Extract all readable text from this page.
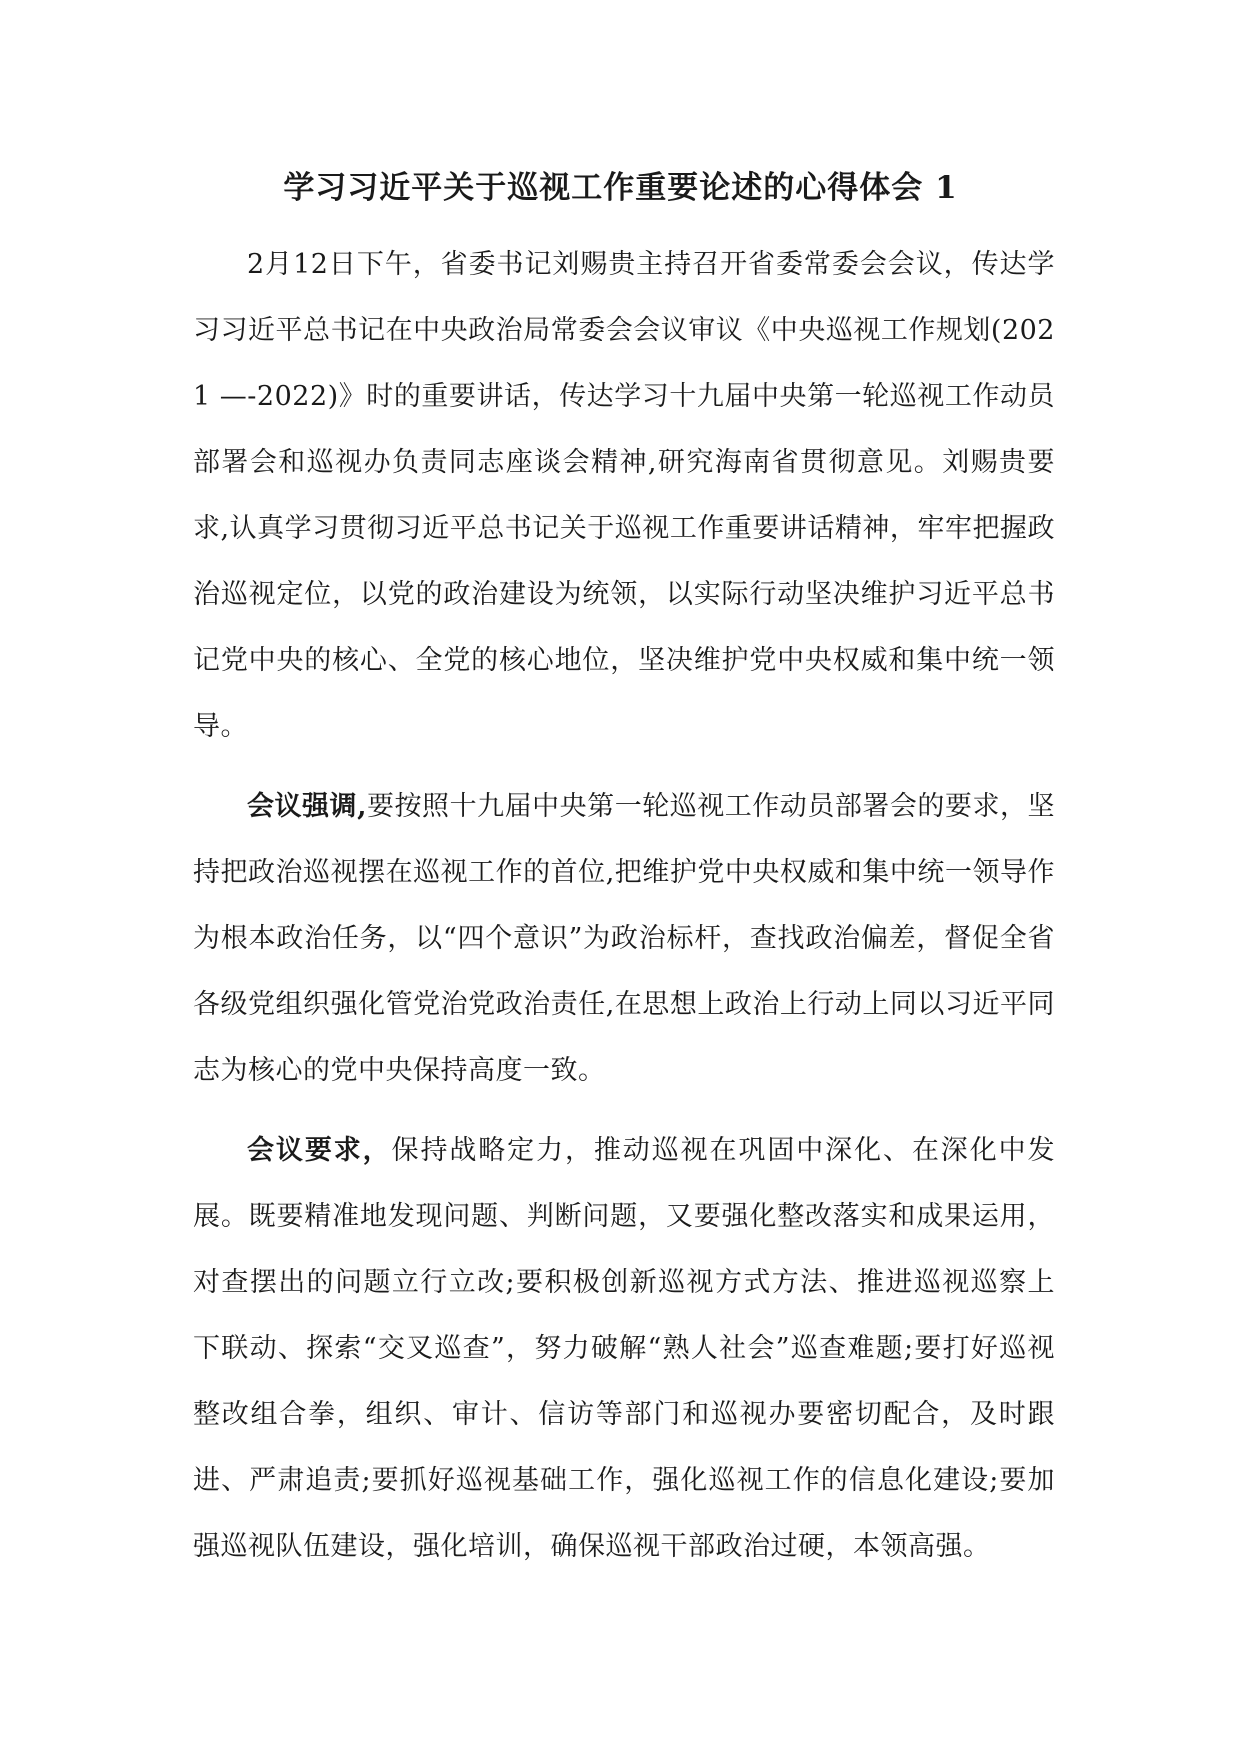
学习习近平关于巡视工作重要论述的心得体会 1

2月12日下午，省委书记刘赐贵主持召开省委常委会会议，传达学习习近平总书记在中央政治局常委会会议审议《中央巡视工作规划(2021 —-2022)》时的重要讲话，传达学习十九届中央第一轮巡视工作动员部署会和巡视办负责同志座谈会精神,研究海南省贯彻意见。刘赐贵要求,认真学习贯彻习近平总书记关于巡视工作重要讲话精神，牢牢把握政治巡视定位，以党的政治建设为统领，以实际行动坚决维护习近平总书记党中央的核心、全党的核心地位，坚决维护党中央权威和集中统一领导。

会议强调,要按照十九届中央第一轮巡视工作动员部署会的要求，坚持把政治巡视摆在巡视工作的首位,把维护党中央权威和集中统一领导作为根本政治任务，以“四个意识”为政治标杆，查找政治偏差，督促全省各级党组织强化管党治党政治责任,在思想上政治上行动上同以习近平同志为核心的党中央保持高度一致。

会议要求，保持战略定力，推动巡视在巩固中深化、在深化中发展。既要精准地发现问题、判断问题，又要强化整改落实和成果运用，对查摆出的问题立行立改;要积极创新巡视方式方法、推进巡视巡察上下联动、探索“交叉巡查”，努力破解“熟人社会”巡查难题;要打好巡视整改组合拳，组织、审计、信访等部门和巡视办要密切配合，及时跟进、严肃追责;要抓好巡视基础工作，强化巡视工作的信息化建设;要加强巡视队伍建设，强化培训，确保巡视干部政治过硬，本领高强。
